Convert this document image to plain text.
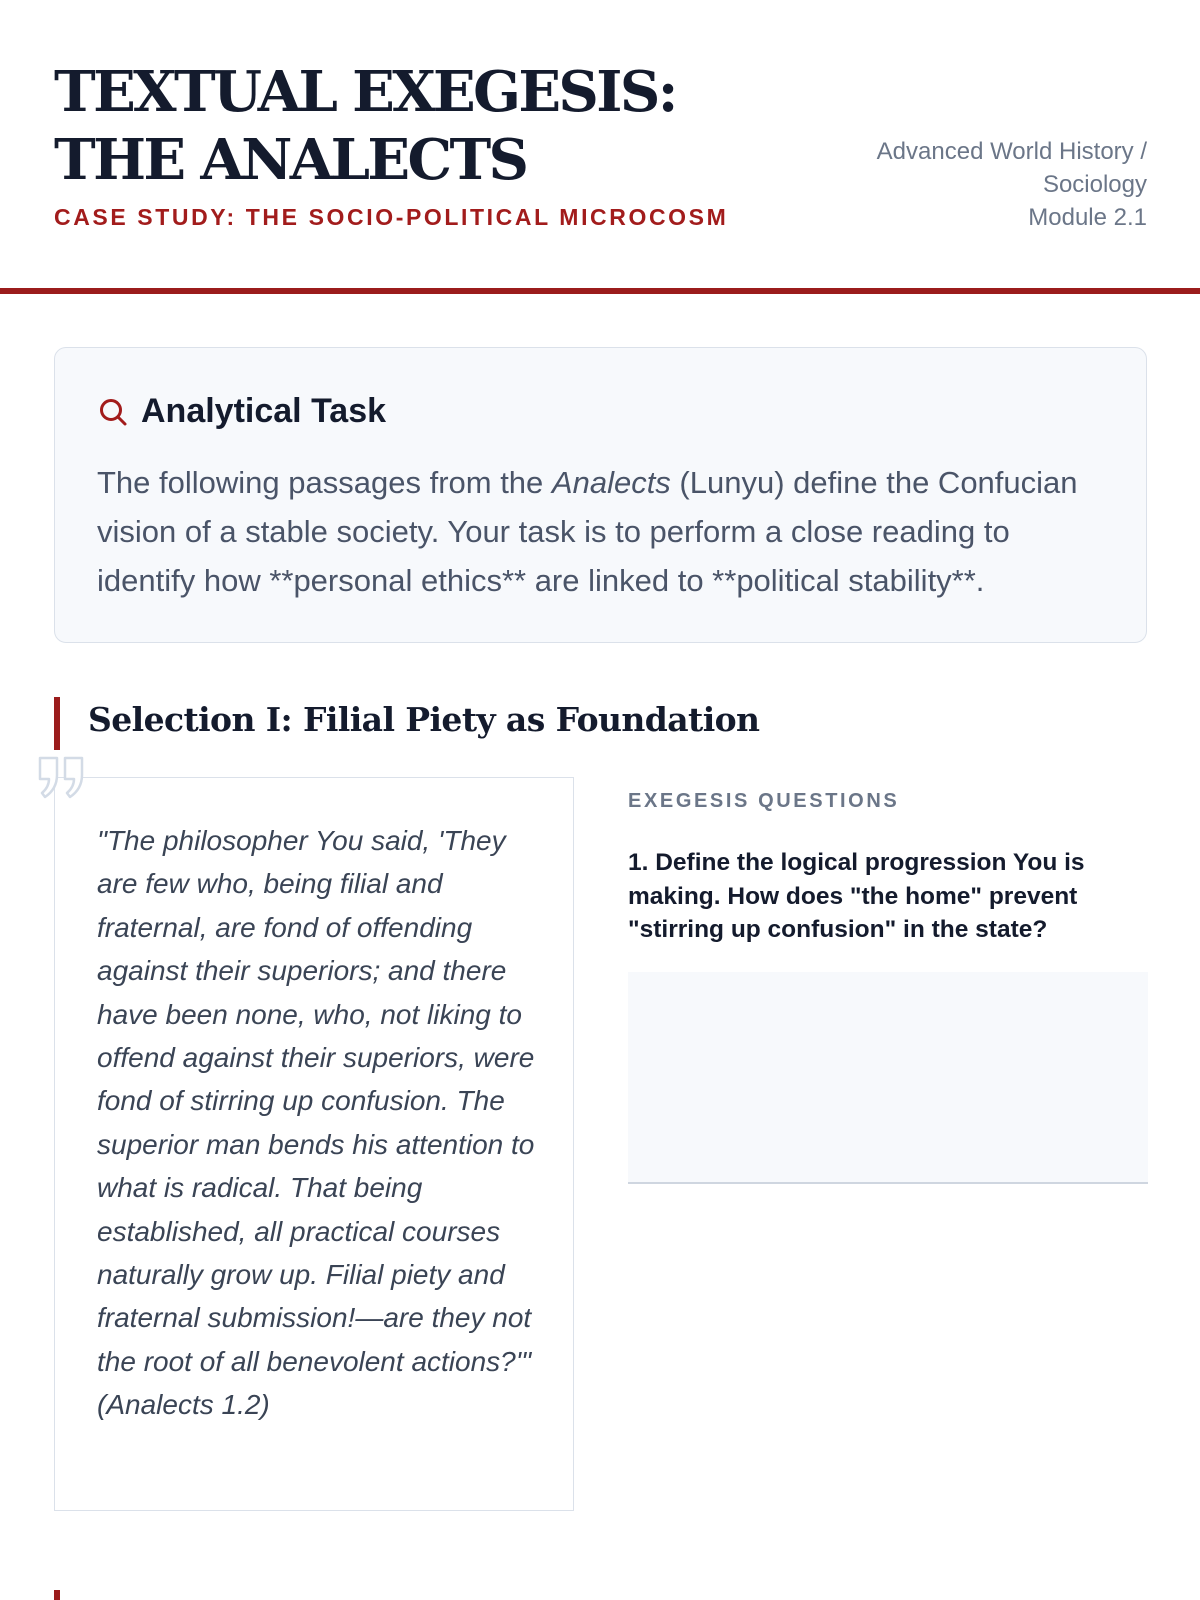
TEXTUAL EXEGESIS: THE ANALECTS
CASE STUDY: THE SOCIO-POLITICAL MICROCOSM
Advanced World History /
Sociology
Module 2.1
Analytical Task

The following passages from the Analects (Lunyu) define the Confucian vision of a stable society. Your task is to perform a close reading to identify how **personal ethics** are linked to **political stability**.

Selection I: Filial Piety as Foundation

"The philosopher You said, 'They are few who, being filial and fraternal, are fond of offending against their superiors; and there have been none, who, not liking to offend against their superiors, were fond of stirring up confusion. The superior man bends his attention to what is radical. That being established, all practical courses naturally grow up. Filial piety and fraternal submission!—are they not the root of all benevolent actions?'" (Analects 1.2)

EXEGESIS QUESTIONS

1. Define the logical progression You is making. How does "the home" prevent "stirring up confusion" in the state?
